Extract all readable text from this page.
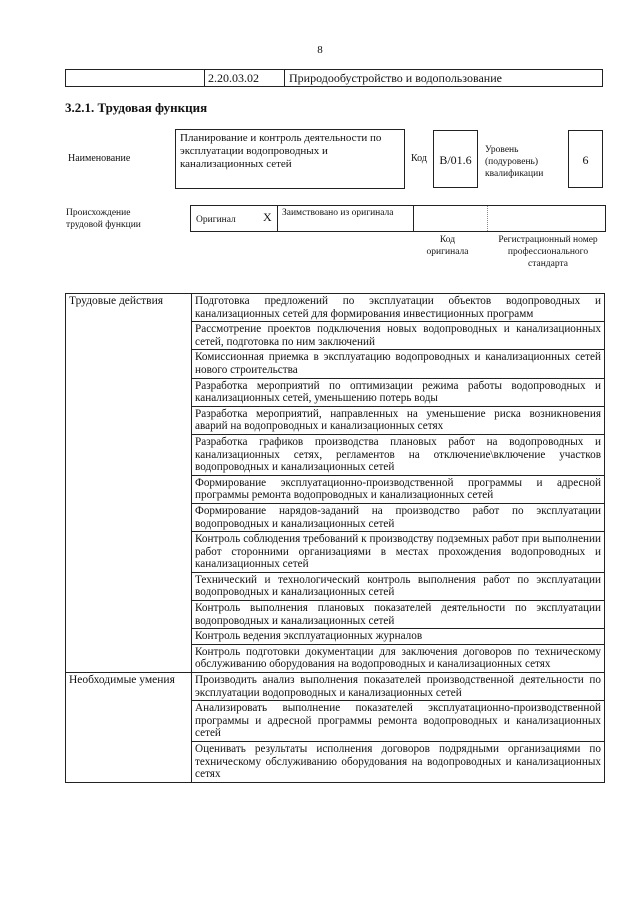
8
2.20.03.02	Природообустройство и водопользование
3.2.1. Трудовая функция
Наименование
Планирование и контроль деятельности по эксплуатации водопроводных и канализационных сетей	Код	B/01.6
Уровень (подуровень) квалификации
6
Происхождение трудовой функции	Оригинал X Заимствовано из оригинала
Код оригинала
Регистрационный номер профессионального стандарта
Трудовые действия	Подготовка предложений по эксплуатации объектов водопроводных и канализационных сетей для формирования инвестиционных программ
	Рассмотрение проектов подключения новых водопроводных и канализационных сетей, подготовка по ним заключений
	Комиссионная приемка в эксплуатацию водопроводных и канализационных сетей нового строительства
	Разработка мероприятий по оптимизации режима работы водопроводных и канализационных сетей, уменьшению потерь воды
	Разработка мероприятий, направленных на уменьшение риска возникновения аварий на водопроводных и канализационных сетях
	Разработка графиков производства плановых работ на водопроводных и канализационных сетях, регламентов на отключение\включение участков водопроводных и канализационных сетей
	Формирование эксплуатационно-производственной программы и адресной программы ремонта водопроводных и канализационных сетей
	Формирование нарядов-заданий на производство работ по эксплуатации водопроводных и канализационных сетей
	Контроль соблюдения требований к производству подземных работ при выполнении работ сторонними организациями в местах прохождения водопроводных и канализационных сетей
	Технический и технологический контроль выполнения работ по эксплуатации водопроводных и канализационных сетей
	Контроль выполнения плановых показателей деятельности по эксплуатации водопроводных и канализационных сетей
	Контроль ведения эксплуатационных журналов
	Контроль подготовки документации для заключения договоров по техническому обслуживанию оборудования на водопроводных и канализационных сетях
Необходимые умения	Производить анализ выполнения показателей производственной деятельности по эксплуатации водопроводных и канализационных сетей
	Анализировать выполнение показателей эксплуатационно-производственной программы и адресной программы ремонта водопроводных и канализационных сетей
	Оценивать результаты исполнения договоров подрядными организациями по техническому обслуживанию оборудования на водопроводных и канализационных сетях
